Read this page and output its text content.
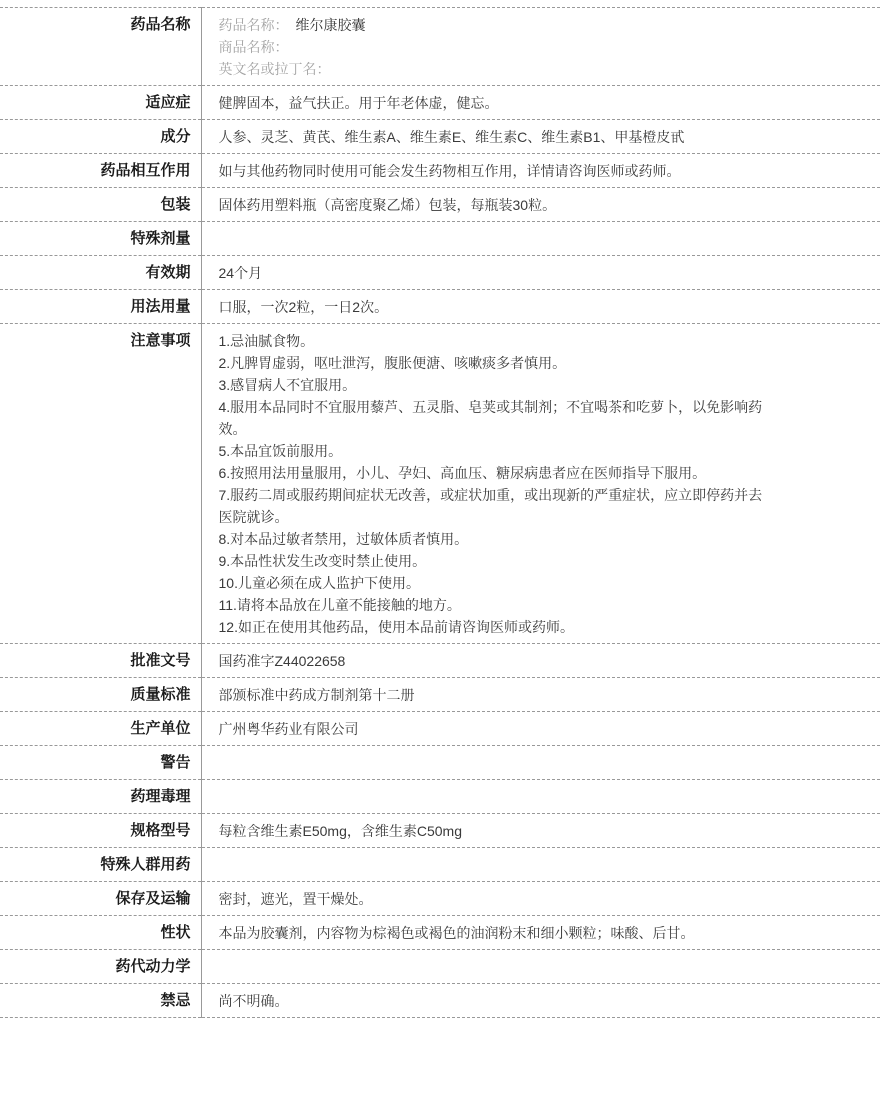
药品名称	药品名称： 维尔康胶囊
商品名称：
英文名或拉丁名：

适应症	健脾固本，益气扶正。用于年老体虚，健忘。
成分	人参、灵芝、黄芪、维生素A、维生素E、维生素C、维生素B1、甲基橙皮甙
药品相互作用	如与其他药物同时使用可能会发生药物相互作用，详情请咨询医师或药师。
包装	固体药用塑料瓶（高密度聚乙烯）包装，每瓶装30粒。
特殊剂量	
有效期	24个月
用法用量	口服，一次2粒，一日2次。
注意事项	1.忌油腻食物。
2.凡脾胃虚弱，呕吐泄泻，腹胀便溏、咳嗽痰多者慎用。
3.感冒病人不宜服用。
4.服用本品同时不宜服用藜芦、五灵脂、皂荚或其制剂；不宜喝茶和吃萝卜，以免影响药效。
5.本品宜饭前服用。
6.按照用法用量服用，小儿、孕妇、高血压、糖尿病患者应在医师指导下服用。
7.服药二周或服药期间症状无改善，或症状加重，或出现新的严重症状，应立即停药并去医院就诊。
8.对本品过敏者禁用，过敏体质者慎用。
9.本品性状发生改变时禁止使用。
10.儿童必须在成人监护下使用。
11.请将本品放在儿童不能接触的地方。
12.如正在使用其他药品，使用本品前请咨询医师或药师。

批准文号	国药准字Z44022658
质量标准	部颁标准中药成方制剂第十二册
生产单位	广州粤华药业有限公司
警告	
药理毒理	
规格型号	每粒含维生素E50mg，含维生素C50mg
特殊人群用药	
保存及运输	密封，遮光，置干燥处。
性状	本品为胶囊剂，内容物为棕褐色或褐色的油润粉末和细小颗粒；味酸、后甘。
药代动力学	
禁忌	尚不明确。
